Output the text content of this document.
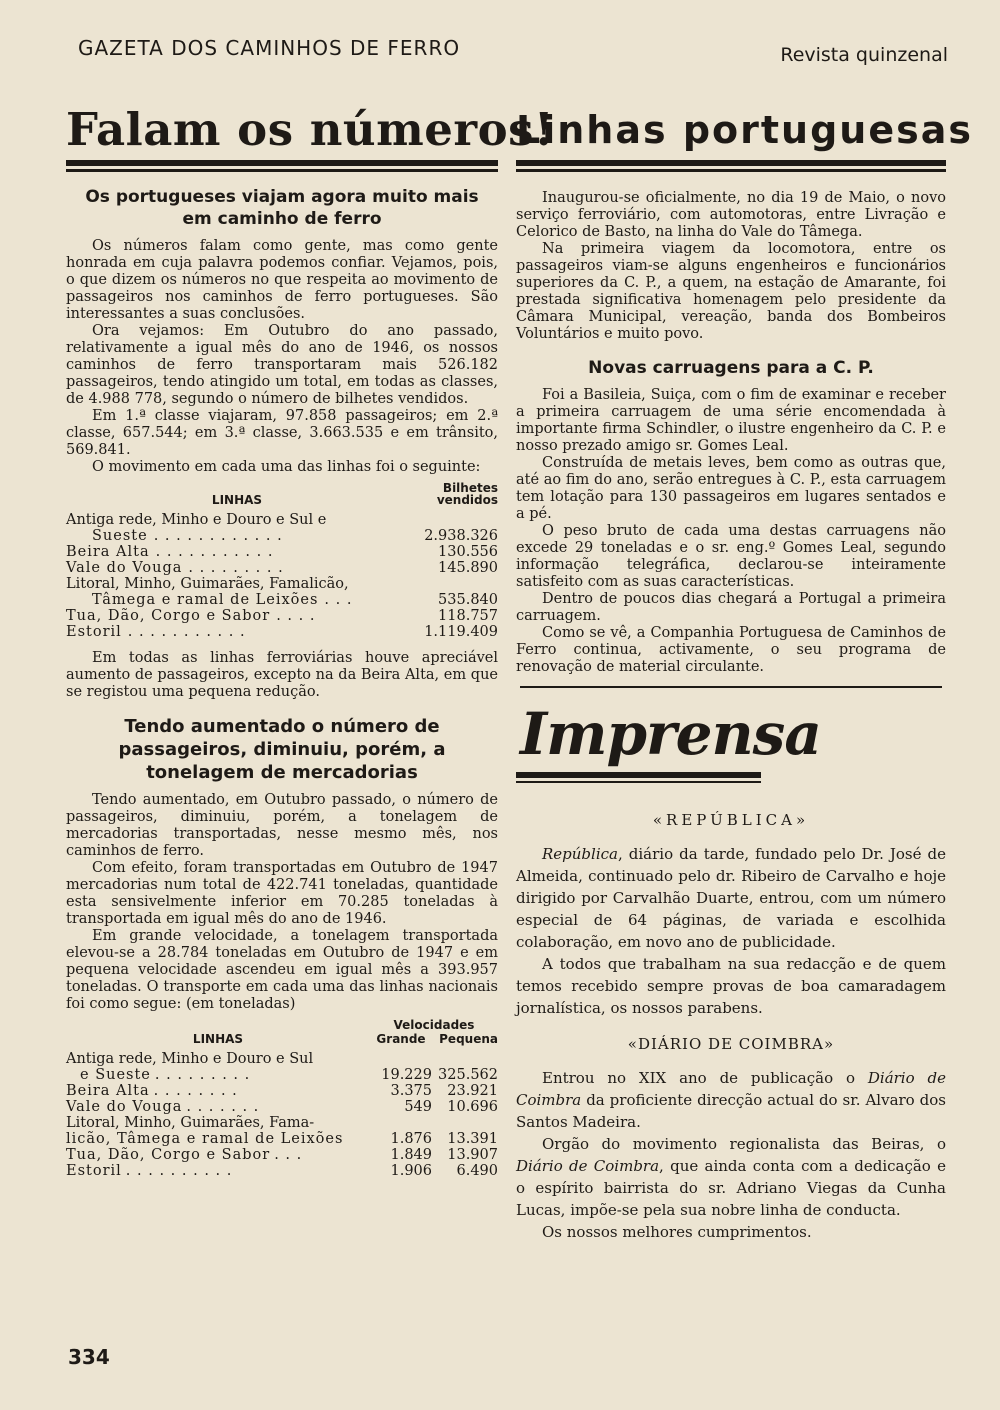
GAZETA DOS CAMINHOS DE FERRO	Revista quinzenal
Falam os números!
Os portugueses viajam agora muito mais em caminho de ferro

Os números falam como gente, mas como gente honrada em cuja palavra podemos confiar. Vejamos, pois, o que dizem os números no que respeita ao movimento de passageiros nos caminhos de ferro portugueses. São interessantes a suas conclusões.

Ora vejamos: Em Outubro do ano passado, relativamente a igual mês do ano de 1946, os nossos caminhos de ferro transportaram mais 526.182 passageiros, tendo atingido um total, em todas as classes, de 4.988 778, segundo o número de bilhetes vendidos.

Em 1.ª classe viajaram, 97.858 passageiros; em 2.ª classe, 657.544; em 3.ª classe, 3.663.535 e em trânsito, 569.841.

O movimento em cada uma das linhas foi o seguinte:

LINHAS	Bilhetes vendidos
Antiga rede, Minho e Douro e Sul e	
Sueste . . . . . . . . . . . .	2.938.326
Beira Alta . . . . . . . . . . .	130.556
Vale do Vouga . . . . . . . . .	145.890
Litoral, Minho, Guimarães, Famalicão,	
Tâmega e ramal de Leixões . . .	535.840
Tua, Dão, Corgo e Sabor . . . .	118.757
Estoril . . . . . . . . . . .	1.119.409

Em todas as linhas ferroviárias houve apreciável aumento de passageiros, excepto na da Beira Alta, em que se registou uma pequena redução.

Tendo aumentado o número de passageiros, diminuiu, porém, a tonelagem de mercadorias

Tendo aumentado, em Outubro passado, o número de passageiros, diminuiu, porém, a tonelagem de mercadorias transportadas, nesse mesmo mês, nos caminhos de ferro.

Com efeito, foram transportadas em Outubro de 1947 mercadorias num total de 422.741 toneladas, quantidade esta sensivelmente inferior em 70.285 toneladas à transportada em igual mês do ano de 1946.

Em grande velocidade, a tonelagem transportada elevou-se a 28.784 toneladas em Outubro de 1947 e em pequena velocidade ascendeu em igual mês a 393.957 toneladas. O transporte em cada uma das linhas nacionais foi como segue: (em toneladas)

LINHAS	Velocidades	
	Grande	Pequena
Antiga rede, Minho e Douro e Sul		
e Sueste . . . . . . . . .	19.229	325.562
Beira Alta . . . . . . . .	3.375	23.921
Vale do Vouga . . . . . . .	549	10.696
Litoral, Minho, Guimarães, Fama-		
licão, Tâmega e ramal de Leixões	1.876	13.391
Tua, Dão, Corgo e Sabor . . .	1.849	13.907
Estoril . . . . . . . . . .	1.906	6.490
Linhas portuguesas

Inaugurou-se oficialmente, no dia 19 de Maio, o novo serviço ferroviário, com automotoras, entre Livração e Celorico de Basto, na linha do Vale do Tâmega.

Na primeira viagem da locomotora, entre os passageiros viam-se alguns engenheiros e funcionários superiores da C. P., a quem, na estação de Amarante, foi prestada significativa homenagem pelo presidente da Câmara Municipal, vereação, banda dos Bombeiros Voluntários e muito povo.

Novas carruagens para a C. P.

Foi a Basileia, Suiça, com o fim de examinar e receber a primeira carruagem de uma série encomendada à importante firma Schindler, o ilustre engenheiro da C. P. e nosso prezado amigo sr. Gomes Leal.

Construída de metais leves, bem como as outras que, até ao fim do ano, serão entregues à C. P., esta carruagem tem lotação para 130 passageiros em lugares sentados e a pé.

O peso bruto de cada uma destas carruagens não excede 29 toneladas e o sr. eng.º Gomes Leal, segundo informação telegráfica, declarou-se inteiramente satisfeito com as suas características.

Dentro de poucos dias chegará a Portugal a primeira carruagem.

Como se vê, a Companhia Portuguesa de Caminhos de Ferro continua, activamente, o seu programa de renovação de material circulante.

Imprensa
«REPÚBLICA»

República, diário da tarde, fundado pelo Dr. José de Almeida, continuado pelo dr. Ribeiro de Carvalho e hoje dirigido por Carvalhão Duarte, entrou, com um número especial de 64 páginas, de variada e escolhida colaboração, em novo ano de publicidade.

A todos que trabalham na sua redacção e de quem temos recebido sempre provas de boa camaradagem jornalística, os nossos parabens.

«DIÁRIO DE COIMBRA»

Entrou no XIX ano de publicação o Diário de Coimbra da proficiente direcção actual do sr. Alvaro dos Santos Madeira.

Orgão do movimento regionalista das Beiras, o Diário de Coimbra, que ainda conta com a dedicação e o espírito bairrista do sr. Adriano Viegas da Cunha Lucas, impõe-se pela sua nobre linha de conducta.

Os nossos melhores cumprimentos.

334
